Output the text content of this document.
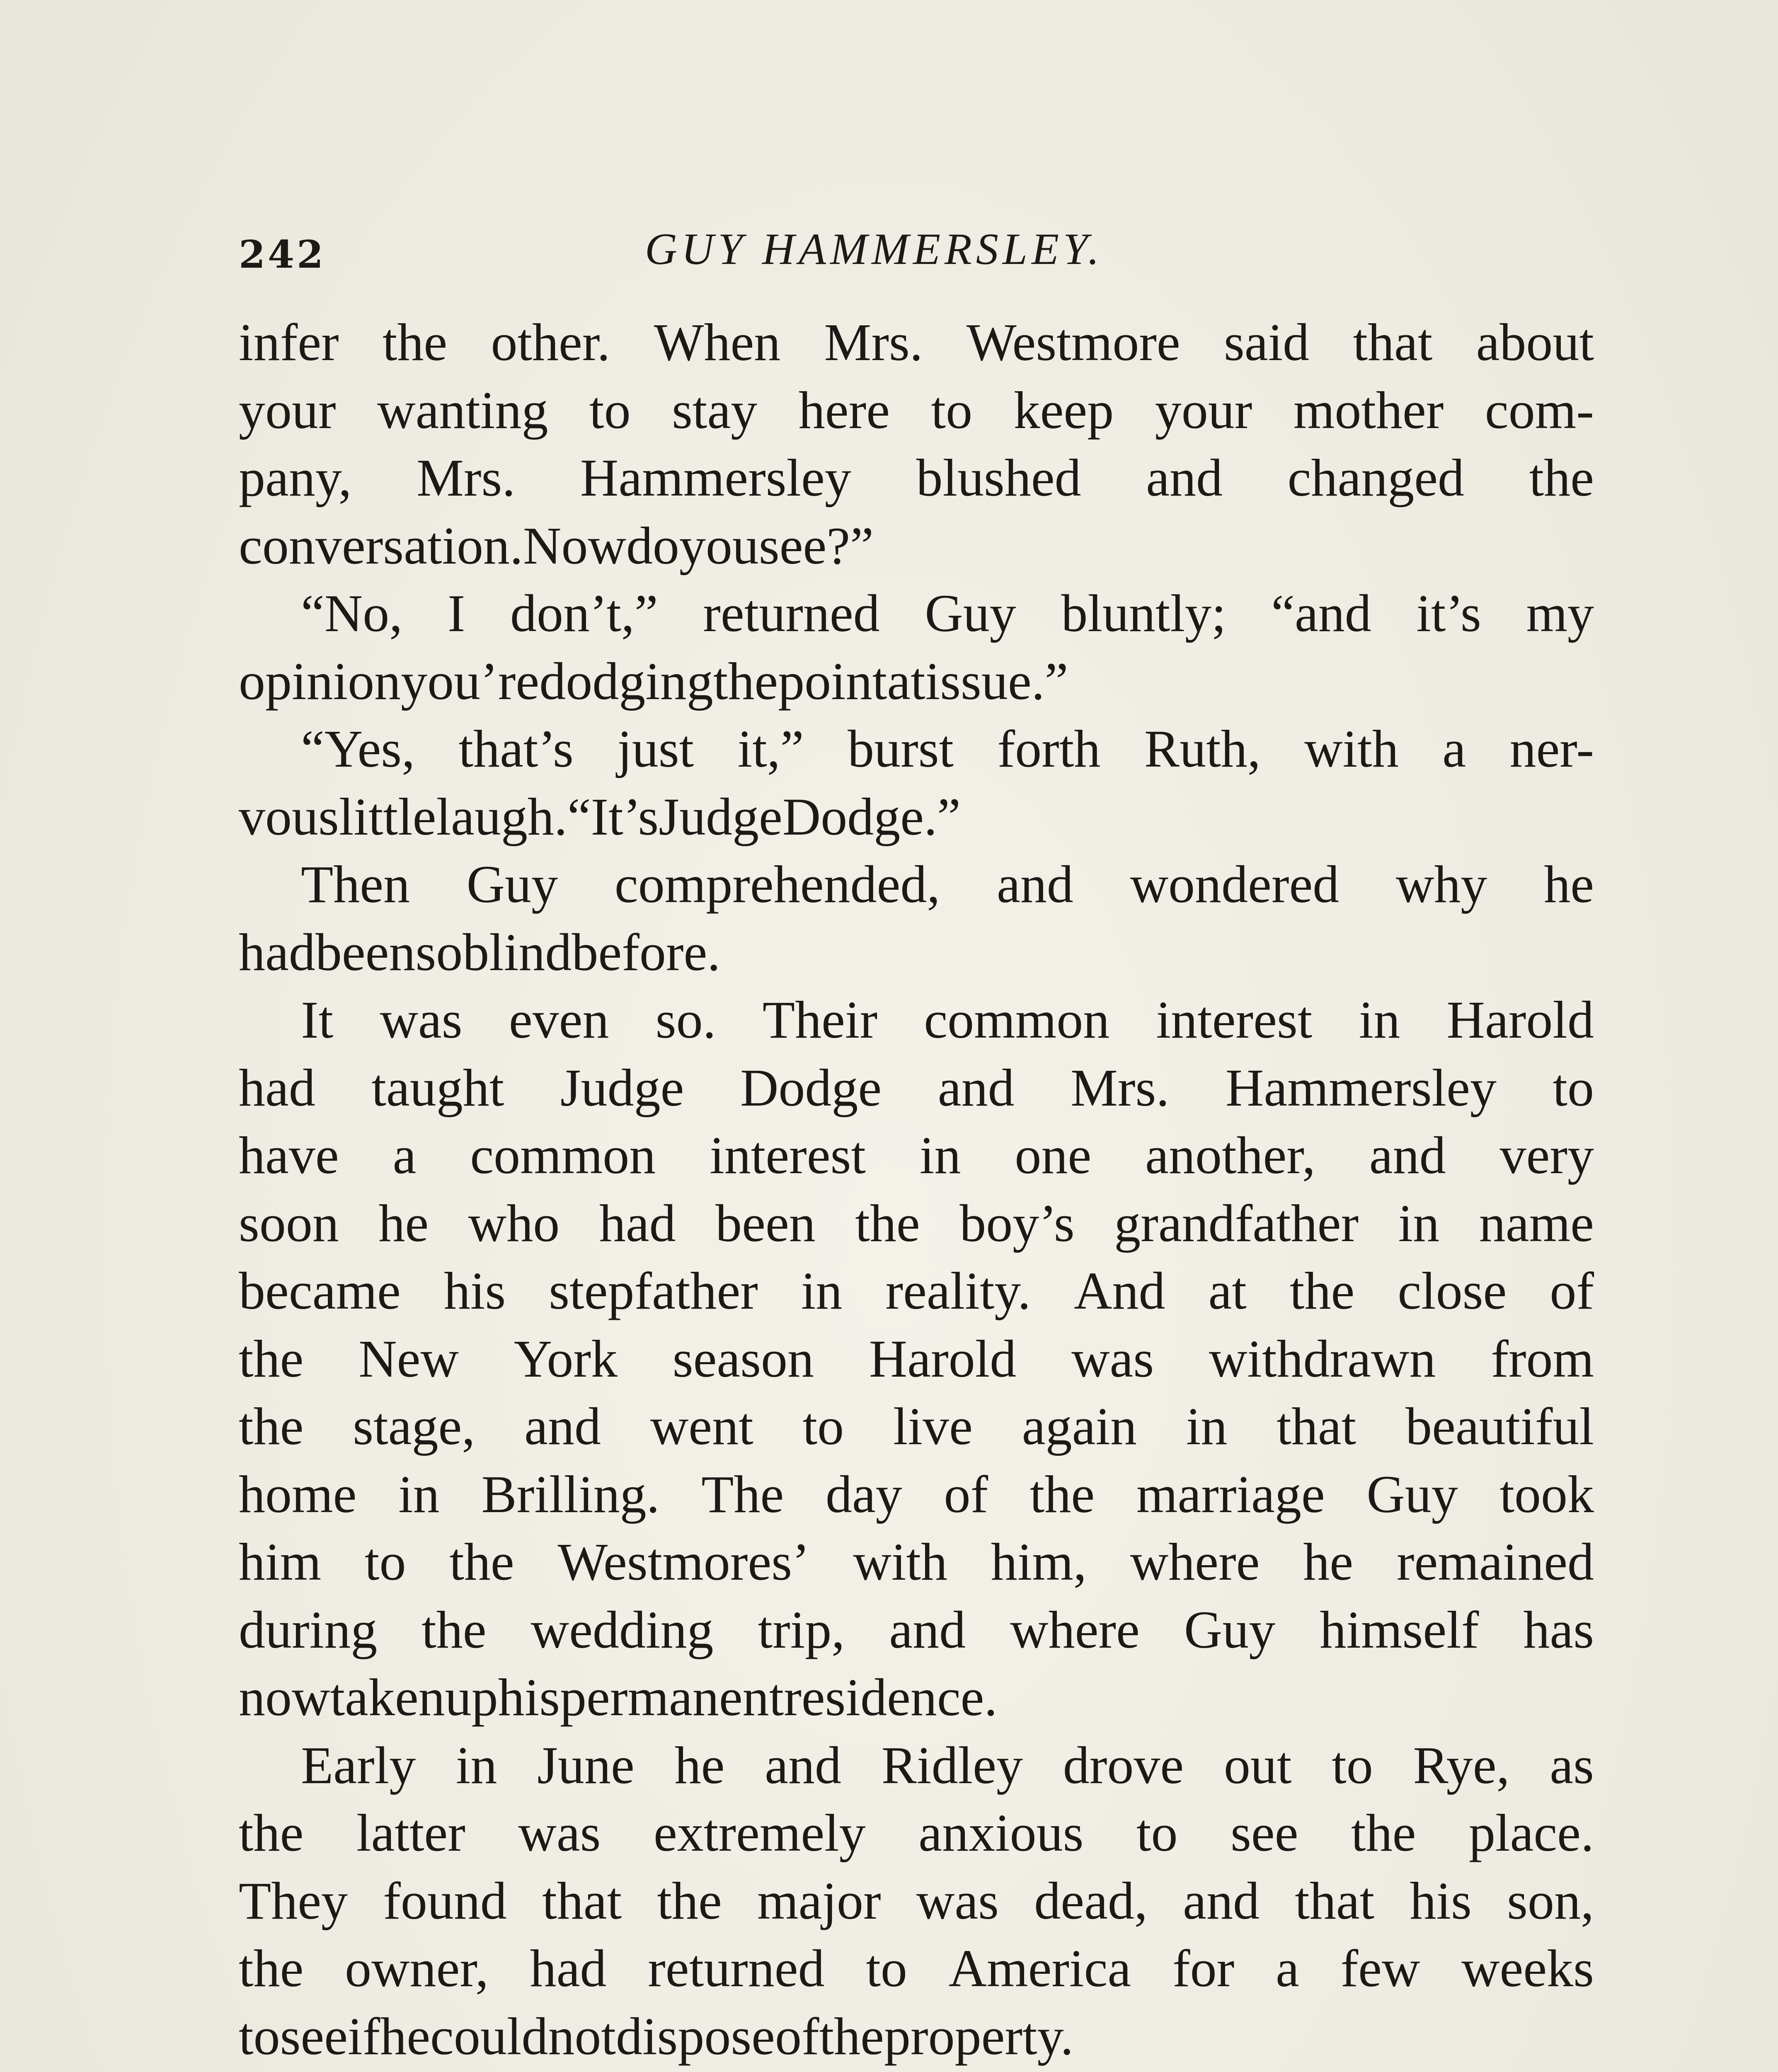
242	GUY HAMMERSLEY.
infer the other. When Mrs. Westmore said that about
your wanting to stay here to keep your mother com-
pany, Mrs. Hammersley blushed and changed the
conversation. Now do you see?”
“No, I don’t,” returned Guy bluntly; “and it’s my
opinion you’re dodging the point at issue.”
“Yes, that’s just it,” burst forth Ruth, with a ner-
vous little laugh. “It’s Judge Dodge.”
Then Guy comprehended, and wondered why he
had been so blind before.
It was even so. Their common interest in Harold
had taught Judge Dodge and Mrs. Hammersley to
have a common interest in one another, and very
soon he who had been the boy’s grandfather in name
became his stepfather in reality. And at the close of
the New York season Harold was withdrawn from
the stage, and went to live again in that beautiful
home in Brilling. The day of the marriage Guy took
him to the Westmores’ with him, where he remained
during the wedding trip, and where Guy himself has
now taken up his permanent residence.
Early in June he and Ridley drove out to Rye, as
the latter was extremely anxious to see the place.
They found that the major was dead, and that his son,
the owner, had returned to America for a few weeks
to see if he could not dispose of the property.
